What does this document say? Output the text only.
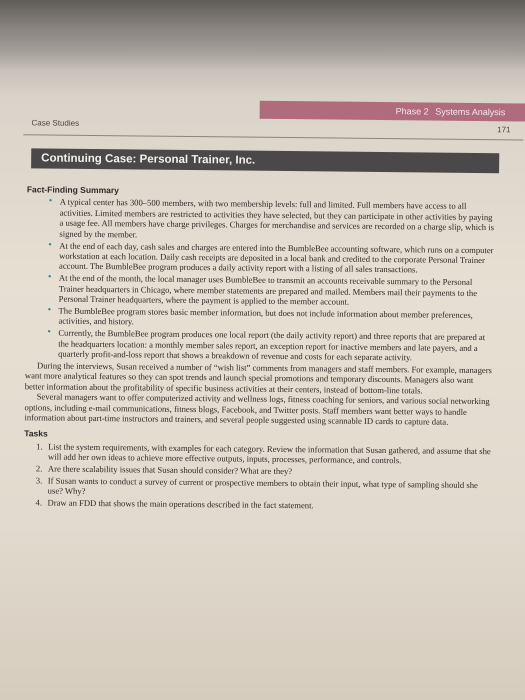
Phase 2 Systems Analysis
Case Studies
171
Continuing Case: Personal Trainer, Inc.
Fact-Finding Summary
• A typical center has 300–500 members, with two membership levels: full and limited. Full members have access to all activities. Limited members are restricted to activities they have selected, but they can participate in other activities by paying a usage fee. All members have charge privileges. Charges for merchandise and services are recorded on a charge slip, which is signed by the member.
• At the end of each day, cash sales and charges are entered into the BumbleBee accounting software, which runs on a computer workstation at each location. Daily cash receipts are deposited in a local bank and credited to the corporate Personal Trainer account. The BumbleBee program produces a daily activity report with a listing of all sales transactions.
• At the end of the month, the local manager uses BumbleBee to transmit an accounts receivable summary to the Personal Trainer headquarters in Chicago, where member statements are prepared and mailed. Members mail their payments to the Personal Trainer headquarters, where the payment is applied to the member account.
• The BumbleBee program stores basic member information, but does not include information about member preferences, activities, and history.
• Currently, the BumbleBee program produces one local report (the daily activity report) and three reports that are prepared at the headquarters location: a monthly member sales report, an exception report for inactive members and late payers, and a quarterly profit-and-loss report that shows a breakdown of revenue and costs for each separate activity.

During the interviews, Susan received a number of “wish list” comments from managers and staff members. For example, managers want more analytical features so they can spot trends and launch special promotions and temporary discounts. Managers also want better information about the profitability of specific business activities at their centers, instead of bottom-line totals.

Several managers want to offer computerized activity and wellness logs, fitness coaching for seniors, and various social networking options, including e-mail communications, fitness blogs, Facebook, and Twitter posts. Staff members want better ways to handle information about part-time instructors and trainers, and several people suggested using scannable ID cards to capture data.

Tasks
1. List the system requirements, with examples for each category. Review the information that Susan gathered, and assume that she will add her own ideas to achieve more effective outputs, inputs, processes, performance, and controls.
2. Are there scalability issues that Susan should consider? What are they?
3. If Susan wants to conduct a survey of current or prospective members to obtain their input, what type of sampling should she use? Why?
4. Draw an FDD that shows the main operations described in the fact statement.
